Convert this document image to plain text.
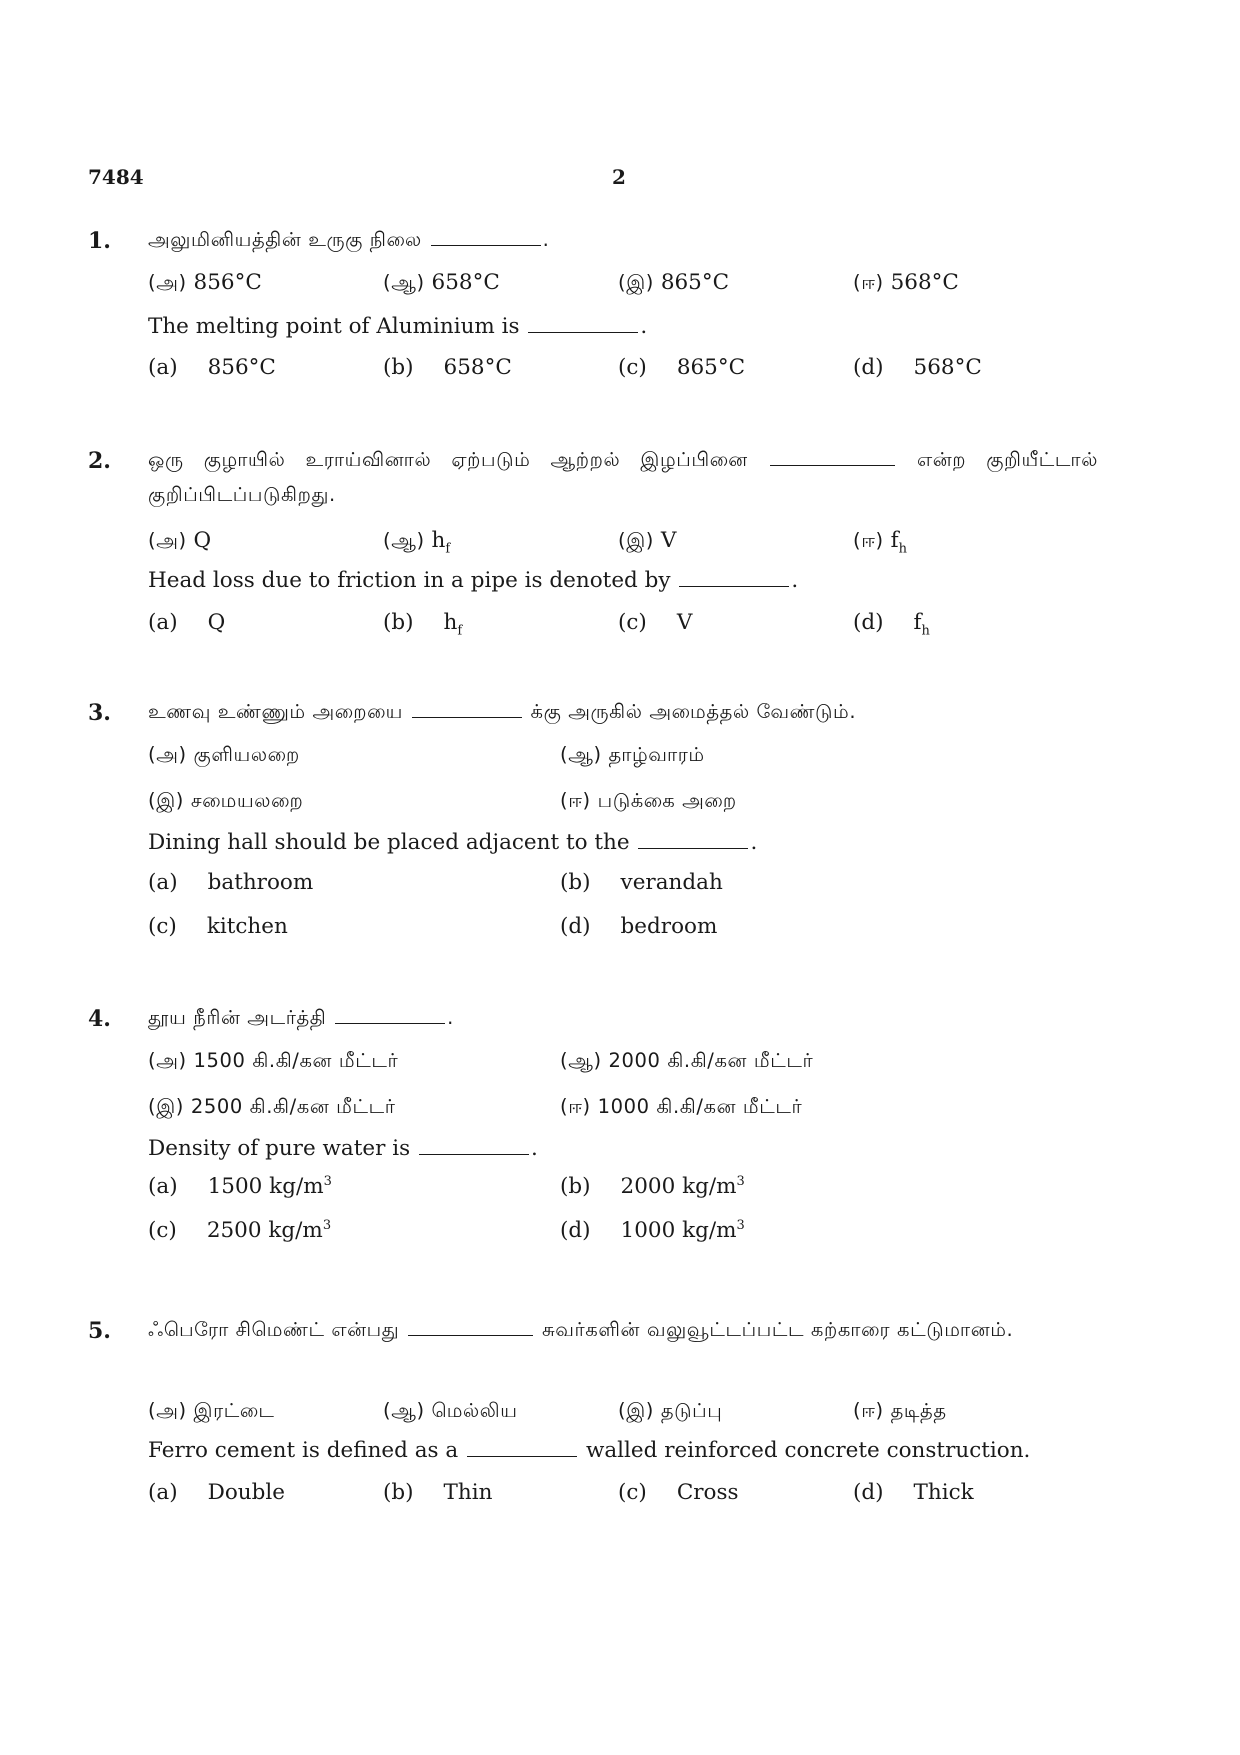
7484	2
1. அலுமினியத்தின் உருகு நிலை	.
(அ) 856°C	(ஆ) 658°C	(இ) 865°C	(ஈ) 568°C
The melting point of Aluminium is	.
(a) 856°C	(b) 658°C	(c) 865°C	(d) 568°C
2. ஒரு குழாயில் உராய்வினால் ஏற்படும் ஆற்றல் இழப்பினை	என்ற குறியீட்டால் குறிப்பிடப்படுகிறது.
(அ) Q	(ஆ) $h_f$	(இ) V	(ஈ) $f_h$
Head loss due to friction in a pipe is denoted by	.
(a) Q	(b) $h_f$	(c) V	(d) $f_h$
3. உணவு உண்ணும் அறையை	க்கு அருகில் அமைத்தல் வேண்டும்.
(அ) குளியலறை	(ஆ) தாழ்வாரம்
(இ) சமையலறை	(ஈ) படுக்கை அறை
Dining hall should be placed adjacent to the	.
(a) bathroom	(b) verandah
(c) kitchen	(d) bedroom
4. தூய நீரின் அடர்த்தி	.
(அ) 1500 கி.கி/கன மீட்டர்	(ஆ) 2000 கி.கி/கன மீட்டர்
(இ) 2500 கி.கி/கன மீட்டர்	(ஈ) 1000 கி.கி/கன மீட்டர்
Density of pure water is	.
(a) 1500 $kg/m^3$	(b) 2000 $kg/m^3$
(c) 2500 $kg/m^3$	(d) 1000 $kg/m^3$
5. ஃபெரோ சிமெண்ட் என்பது	சுவர்களின் வலுவூட்டப்பட்ட கற்காரை கட்டுமானம்.
(அ) இரட்டை	(ஆ) மெல்லிய	(இ) தடுப்பு	(ஈ) தடித்த
Ferro cement is defined as a	walled reinforced concrete construction.
(a) Double	(b) Thin	(c) Cross	(d) Thick
